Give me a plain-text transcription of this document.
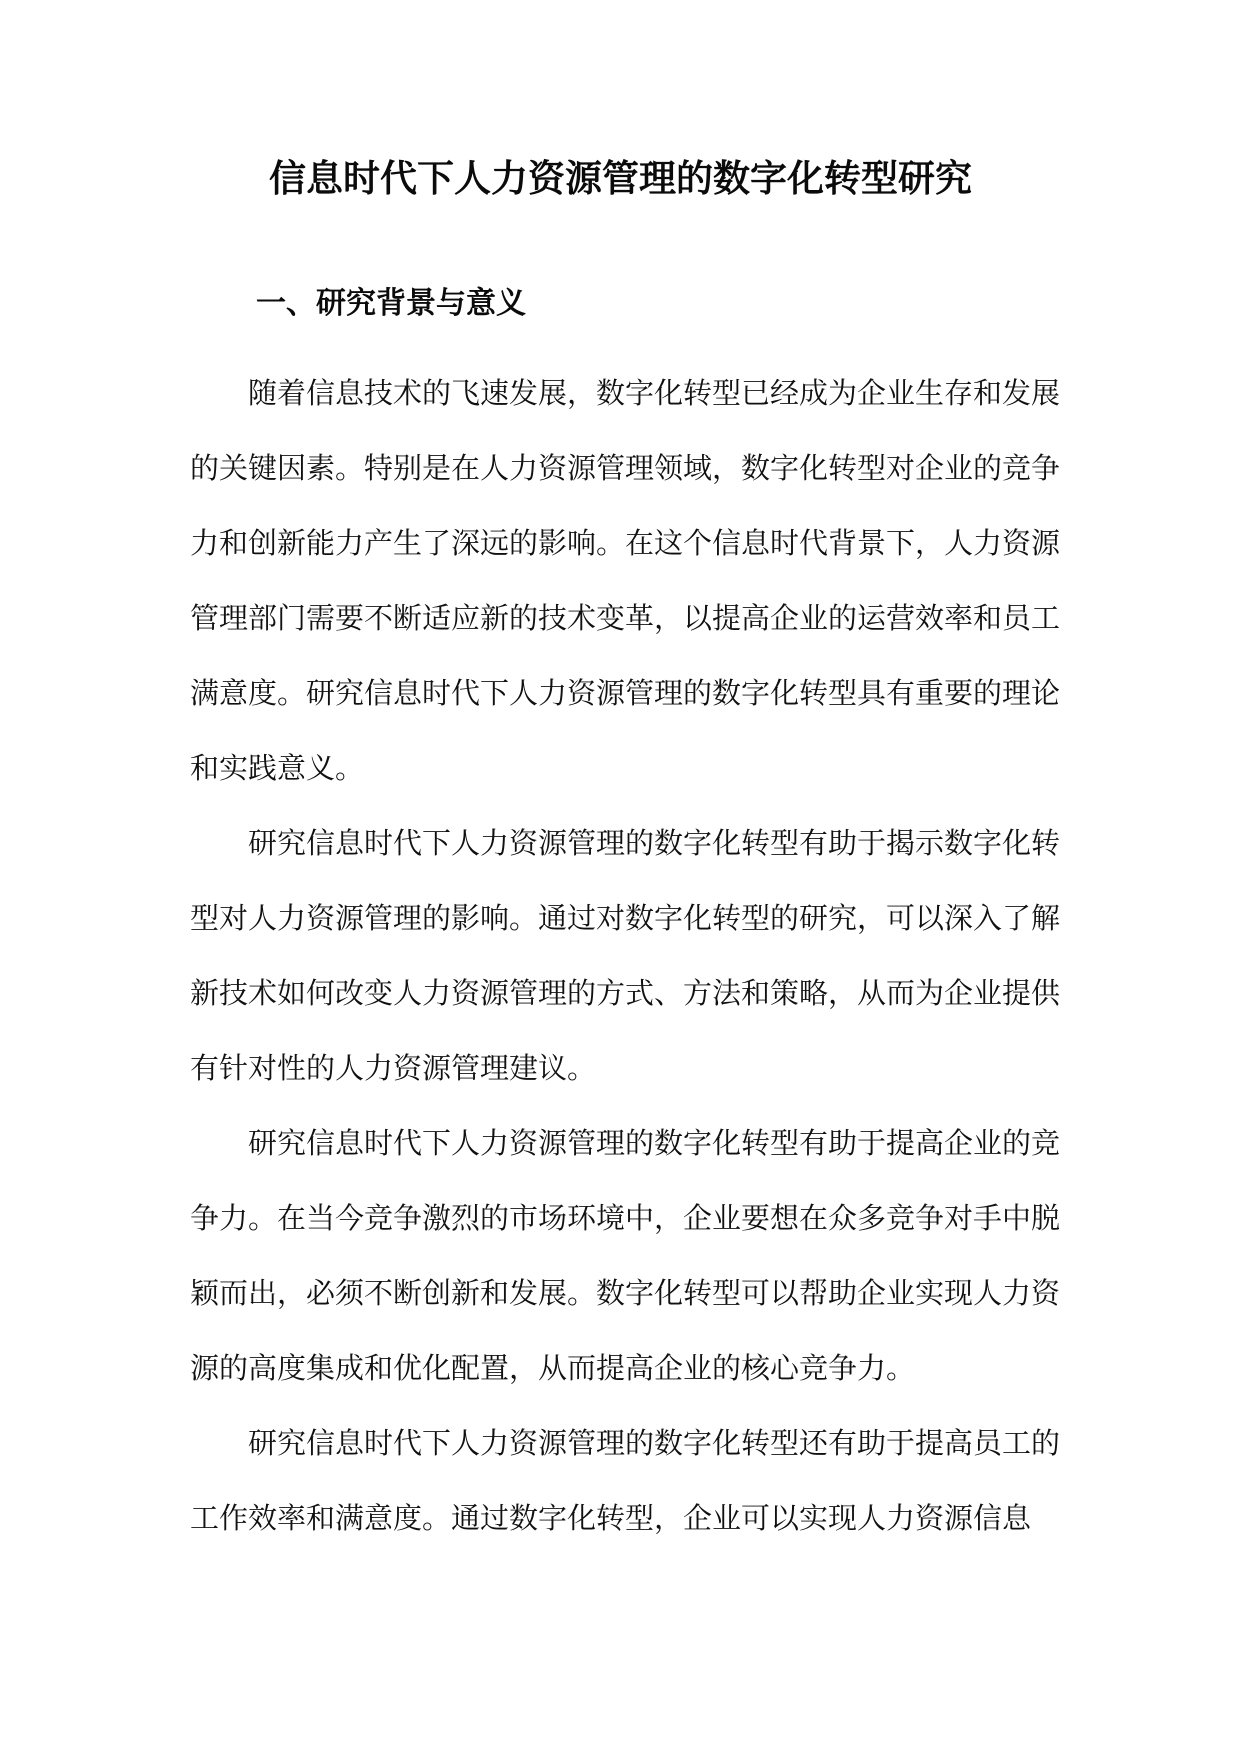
信息时代下人力资源管理的数字化转型研究
一、研究背景与意义

随着信息技术的飞速发展，数字化转型已经成为企业生存和发展的关键因素。特别是在人力资源管理领域，数字化转型对企业的竞争力和创新能力产生了深远的影响。在这个信息时代背景下，人力资源管理部门需要不断适应新的技术变革，以提高企业的运营效率和员工满意度。研究信息时代下人力资源管理的数字化转型具有重要的理论和实践意义。

研究信息时代下人力资源管理的数字化转型有助于揭示数字化转型对人力资源管理的影响。通过对数字化转型的研究，可以深入了解新技术如何改变人力资源管理的方式、方法和策略，从而为企业提供有针对性的人力资源管理建议。

研究信息时代下人力资源管理的数字化转型有助于提高企业的竞争力。在当今竞争激烈的市场环境中，企业要想在众多竞争对手中脱颖而出，必须不断创新和发展。数字化转型可以帮助企业实现人力资源的高度集成和优化配置，从而提高企业的核心竞争力。

研究信息时代下人力资源管理的数字化转型还有助于提高员工的工作效率和满意度。通过数字化转型，企业可以实现人力资源信息
